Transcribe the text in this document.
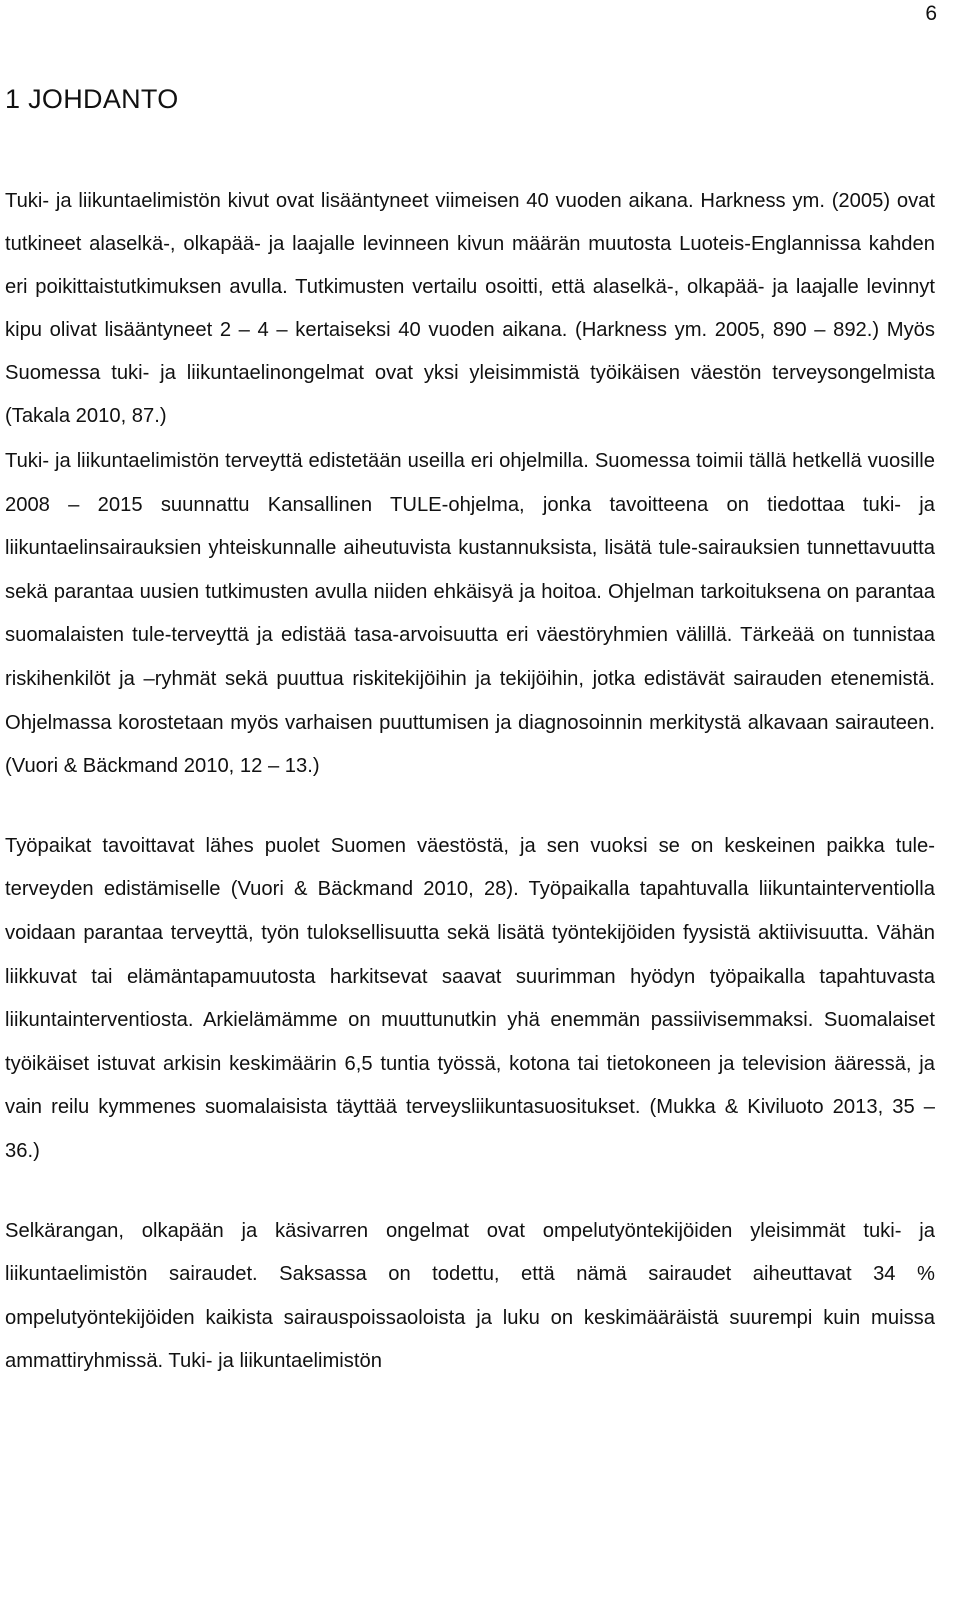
6
1 JOHDANTO

Tuki- ja liikuntaelimistön kivut ovat lisääntyneet viimeisen 40 vuoden aikana. Harkness ym. (2005) ovat tutkineet alaselkä-, olkapää- ja laajalle levinneen kivun määrän muutosta Luoteis-Englannissa kahden eri poikittaistutkimuksen avulla. Tutkimusten vertailu osoitti, että alaselkä-, olkapää- ja laajalle levinnyt kipu olivat lisääntyneet 2 – 4 – kertaiseksi 40 vuoden aikana. (Harkness ym. 2005, 890 – 892.) Myös Suomessa tuki- ja liikuntaelinongelmat ovat yksi yleisimmistä työikäisen väestön terveysongelmista (Takala 2010, 87.)

Tuki- ja liikuntaelimistön terveyttä edistetään useilla eri ohjelmilla. Suomessa toimii tällä hetkellä vuosille 2008 – 2015 suunnattu Kansallinen TULE-ohjelma, jonka tavoitteena on tiedottaa tuki- ja liikuntaelinsairauksien yhteiskunnalle aiheutuvista kustannuksista, lisätä tule-sairauksien tunnettavuutta sekä parantaa uusien tutkimusten avulla niiden ehkäisyä ja hoitoa. Ohjelman tarkoituksena on parantaa suomalaisten tule-terveyttä ja edistää tasa-arvoisuutta eri väestöryhmien välillä. Tärkeää on tunnistaa riskihenkilöt ja –ryhmät sekä puuttua riskitekijöihin ja tekijöihin, jotka edistävät sairauden etenemistä. Ohjelmassa korostetaan myös varhaisen puuttumisen ja diagnosoinnin merkitystä alkavaan sairauteen. (Vuori & Bäckmand 2010, 12 – 13.)

Työpaikat tavoittavat lähes puolet Suomen väestöstä, ja sen vuoksi se on keskeinen paikka tule-terveyden edistämiselle (Vuori & Bäckmand 2010, 28). Työpaikalla tapahtuvalla liikuntainterventiolla voidaan parantaa terveyttä, työn tuloksellisuutta sekä lisätä työntekijöiden fyysistä aktiivisuutta. Vähän liikkuvat tai elämäntapamuutosta harkitsevat saavat suurimman hyödyn työpaikalla tapahtuvasta liikuntainterventiosta. Arkielämämme on muuttunutkin yhä enemmän passiivisemmaksi. Suomalaiset työikäiset istuvat arkisin keskimäärin 6,5 tuntia työssä, kotona tai tietokoneen ja television ääressä, ja vain reilu kymmenes suomalaisista täyttää terveysliikuntasuositukset. (Mukka & Kiviluoto 2013, 35 – 36.)

Selkärangan, olkapään ja käsivarren ongelmat ovat ompelutyöntekijöiden yleisimmät tuki- ja liikuntaelimistön sairaudet. Saksassa on todettu, että nämä sairaudet aiheuttavat 34 % ompelutyöntekijöiden kaikista sairauspoissaoloista ja luku on keskimääräistä suurempi kuin muissa ammattiryhmissä. Tuki- ja liikuntaelimistön
